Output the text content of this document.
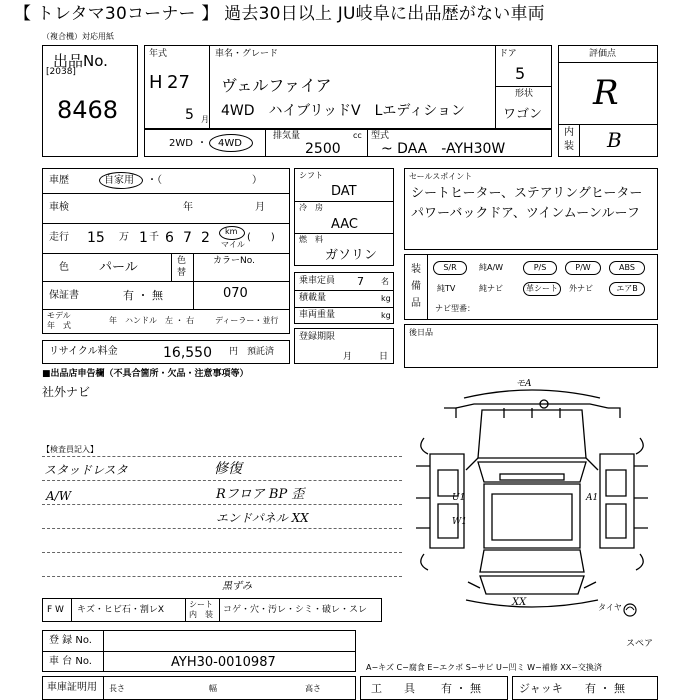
【 トレタマ30コーナー 】 過去30日以上 JU岐阜に出品歴がない車両
（複合機）対応用紙
出品No.
[2038]
8468
年式
H 27
5 月
車名・グレード
ヴェルファイア
4WD　ハイブリッドV　Lエディション
ドア
5
形状
ワゴン
評価点
R
内
装 B
2WD ・ 4WD
排気量
2500
cc 型式
~ DAA　-AYH30W
車歴	自家用 ・（　　　　　　　　　）
車検	年	月
走行 15 万 1 千 6 7 2 km
マイル
(　　)
色 パール	色
替
カラーNo.
070
保証書	有 ・ 無
モデル
年　式
年 ハンドル　左 ・ 右	ディーラー・並行
リサイクル料金	16,550 円 預託済
シフト
DAT
冷　房
AAC
燃　料
ガソリン
乗車定員 7 名
積載量	kg
車両重量	kg
登録期限
月	日
セールスポイント
シートヒーター、ステアリングヒーター
パワーバックドア、ツインムーンルーフ
装
備
品
S/R	純A/W	P/S	P/W	ABS
純TV	純ナビ	革シート	外ナビ	エアB
ナビ型番：
後日品
■出品店申告欄（不具合箇所・欠品・注意事項等）
社外ナビ
【検査員記入】
スタッドレスタ
A/W
修復
Rフロア BP 歪
エンドパネル XX
黒ずみ
モA
U1	A1
W1
XX	タイヤ
スペア
F W キズ・ヒビ石・割レX
シート
内　装 コゲ・穴・汚レ・シミ・破レ・スレ
登 録 No.
車 台 No.	AYH30-0010987
車庫証明用 長さ	幅	高さ
A−キズ C−腐食 E−エクボ S−サビ U−凹ミ W−補修 XX−交換済
工　　具 有 ・ 無	ジャッキ 有 ・ 無
